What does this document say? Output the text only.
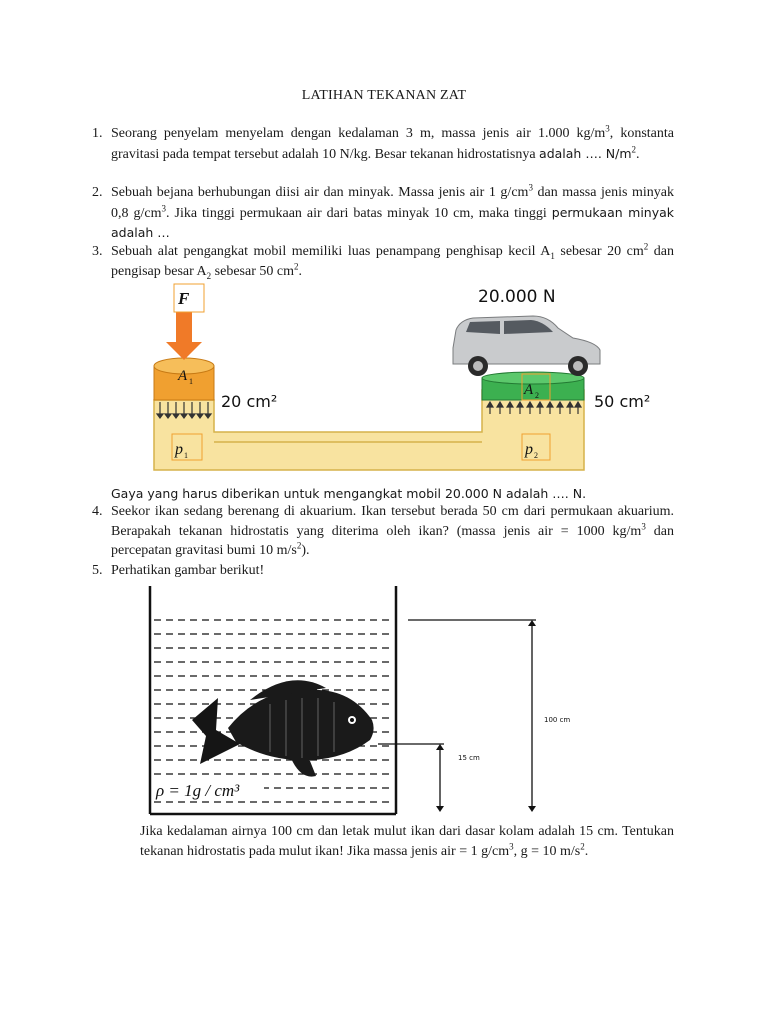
LATIHAN TEKANAN ZAT
1. Seorang penyelam menyelam dengan kedalaman 3 m, massa jenis air 1.000 $kg/m^3$, konstanta gravitasi pada tempat tersebut adalah 10 N/kg. Besar tekanan hidrostatisnya adalah …. $N/m^2$.
2. Sebuah bejana berhubungan diisi air dan minyak. Massa jenis air 1 $g/cm^3$ dan massa jenis minyak 0,8 $g/cm^3$. Jika tinggi permukaan air dari batas minyak 10 cm, maka tinggi permukaan minyak adalah …
3. Sebuah alat pengangkat mobil memiliki luas penampang penghisap kecil $A_1$ sebesar 20 $cm^2$ dan pengisap besar $A_2$ sebesar 50 $cm^2$.
F	20.000 N
A 1
A 2
20 cm²	50 cm²
p 1	p 2
Gaya yang harus diberikan untuk mengangkat mobil 20.000 N adalah …. N.
4. Seekor ikan sedang berenang di akuarium. Ikan tersebut berada 50 cm dari permukaan akuarium. Berapakah tekanan hidrostatis yang diterima oleh ikan? (massa jenis air = 1000 $kg/m^3$ dan percepatan gravitasi bumi 10 $m/s^2$).
5. Perhatikan gambar berikut!
ρ = 1g / cm³
100 cm
15 cm
Jika kedalaman airnya 100 cm dan letak mulut ikan dari dasar kolam adalah 15 cm. Tentukan tekanan hidrostatis pada mulut ikan! Jika massa jenis air = 1 $g/cm^3$, g = 10 $m/s^2$.
